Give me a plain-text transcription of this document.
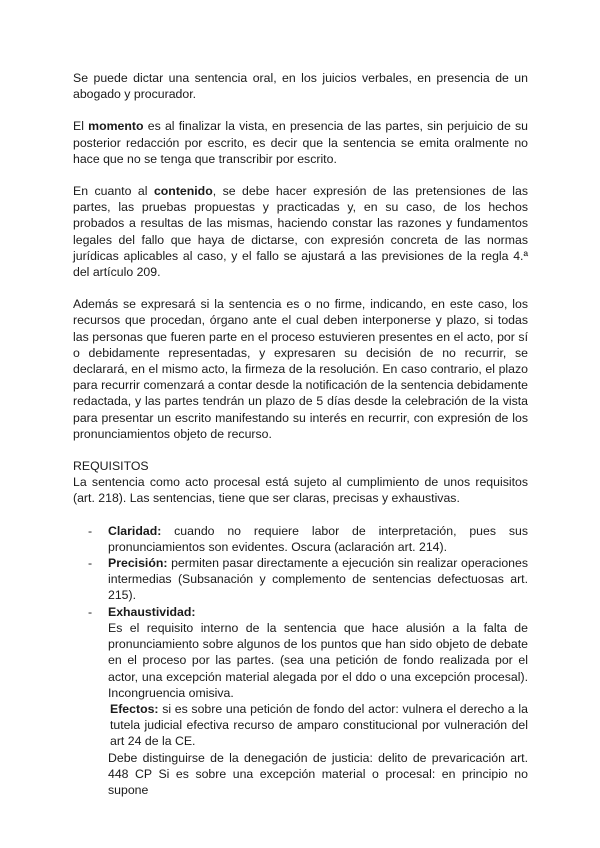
Se puede dictar una sentencia oral, en los juicios verbales, en presencia de un abogado y procurador.

El momento es al finalizar la vista, en presencia de las partes, sin perjuicio de su posterior redacción por escrito, es decir que la sentencia se emita oralmente no hace que no se tenga que transcribir por escrito.

En cuanto al contenido, se debe hacer expresión de las pretensiones de las partes, las pruebas propuestas y practicadas y, en su caso, de los hechos probados a resultas de las mismas, haciendo constar las razones y fundamentos legales del fallo que haya de dictarse, con expresión concreta de las normas jurídicas aplicables al caso, y el fallo se ajustará a las previsiones de la regla 4.ª del artículo 209.

Además se expresará si la sentencia es o no firme, indicando, en este caso, los recursos que procedan, órgano ante el cual deben interponerse y plazo, si todas las personas que fueren parte en el proceso estuvieren presentes en el acto, por sí o debidamente representadas, y expresaren su decisión de no recurrir, se declarará, en el mismo acto, la firmeza de la resolución. En caso contrario, el plazo para recurrir comenzará a contar desde la notificación de la sentencia debidamente redactada, y las partes tendrán un plazo de 5 días desde la celebración de la vista para presentar un escrito manifestando su interés en recurrir, con expresión de los pronunciamientos objeto de recurso.

REQUISITOS

La sentencia como acto procesal está sujeto al cumplimiento de unos requisitos (art. 218). Las sentencias, tiene que ser claras, precisas y exhaustivas.

- Claridad: cuando no requiere labor de interpretación, pues sus pronunciamientos son evidentes. Oscura (aclaración art. 214).
- Precisión: permiten pasar directamente a ejecución sin realizar operaciones intermedias (Subsanación y complemento de sentencias defectuosas art. 215).
- Exhaustividad:

Es el requisito interno de la sentencia que hace alusión a la falta de pronunciamiento sobre algunos de los puntos que han sido objeto de debate en el proceso por las partes. (sea una petición de fondo realizada por el actor, una excepción material alegada por el ddo o una excepción procesal). Incongruencia omisiva.

Efectos: si es sobre una petición de fondo del actor: vulnera el derecho a la tutela judicial efectiva recurso de amparo constitucional por vulneración del art 24 de la CE.

Debe distinguirse de la denegación de justicia: delito de prevaricación art. 448 CP Si es sobre una excepción material o procesal: en principio no supone
